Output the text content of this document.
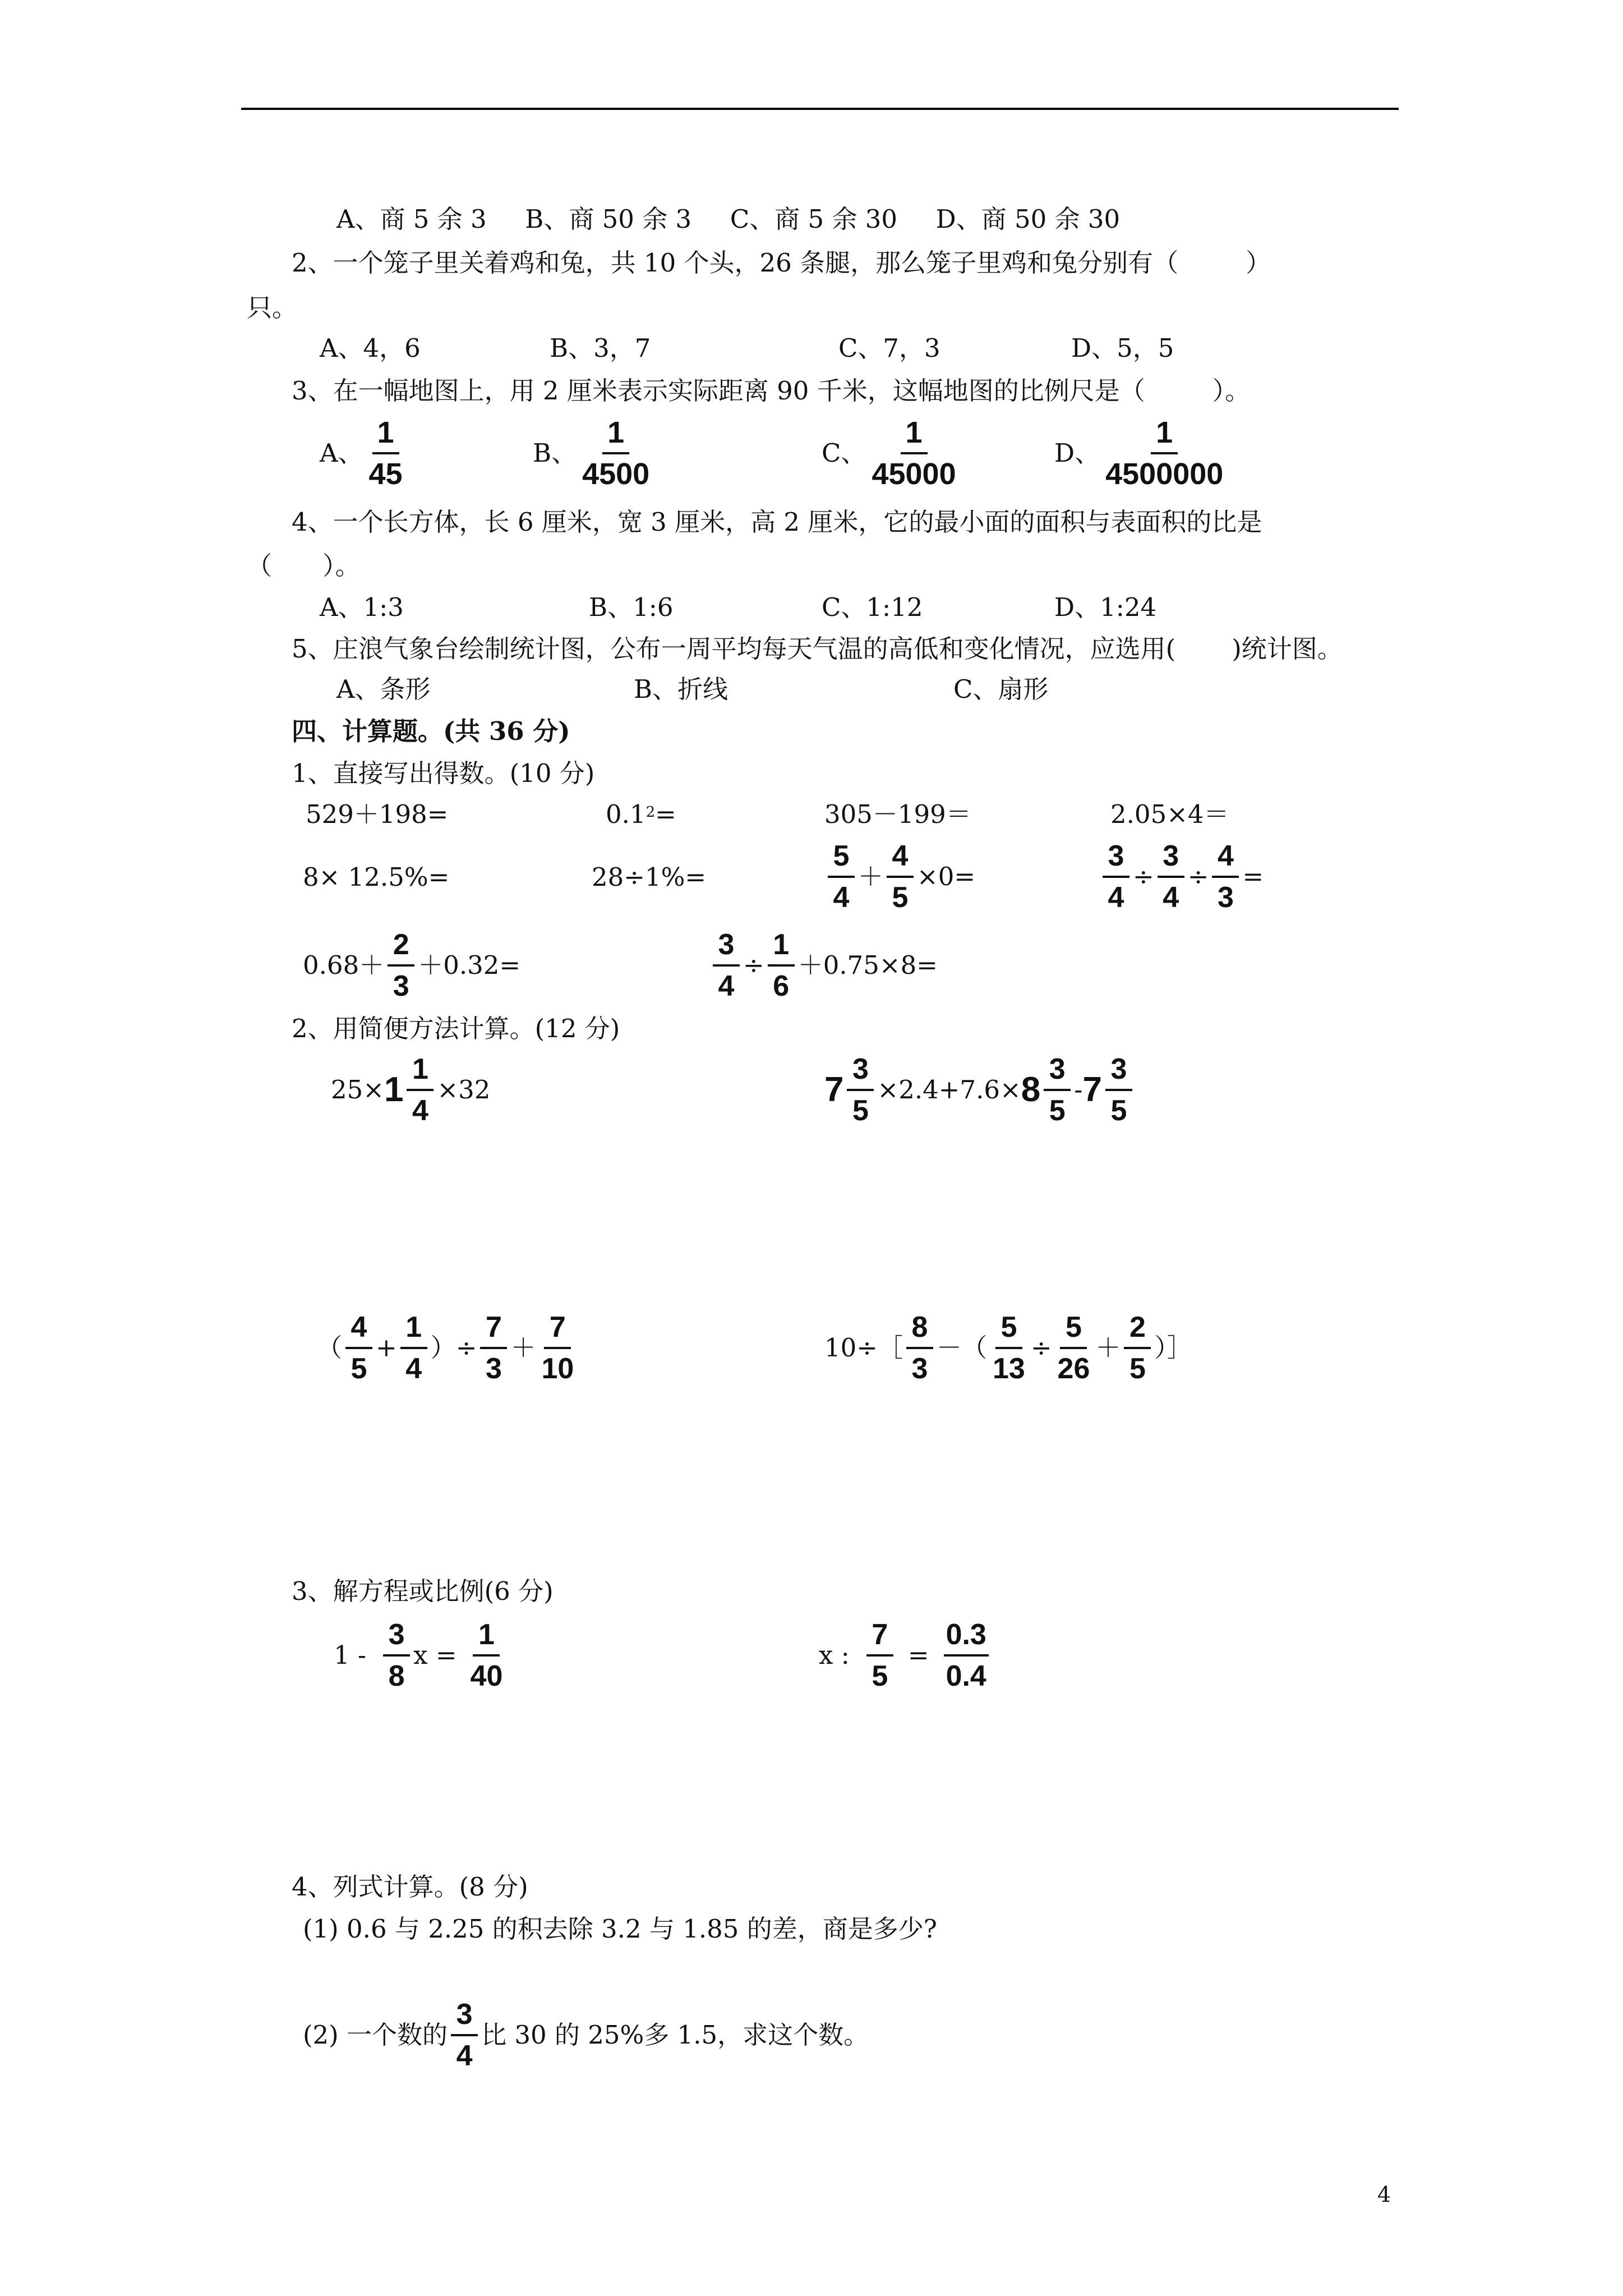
A、商 5 余 3 B、商 50 余 3 C、商 5 余 30 D、商 50 余 30
2、一个笼子里关着鸡和兔，共 10 个头，26 条腿，那么笼子里鸡和兔分别有（	）
只。
A、4，6	B、3，7	C、7，3	D、5，5
3、在一幅地图上，用 2 厘米表示实际距离 90 千米，这幅地图的比例尺是（	）。
A、 $\frac{1}{45}$	B、 $\frac{1}{4500}$	C、 $\frac{1}{45000}$	D、 $\frac{1}{4500000}$
4、一个长方体，长 6 厘米，宽 3 厘米，高 2 厘米，它的最小面的面积与表面积的比是
（　　）。
A、1:3	B、1:6	C、1:12	D、1:24
5、庄浪气象台绘制统计图，公布一周平均每天气温的高低和变化情况，应选用( )统计图。
A、条形	B、折线	C、扇形
四、计算题。(共 36 分)
1、直接写出得数。(10 分)
529＋198=	$0.1^2=$	305－199＝	2.05×4＝
8× 12.5%=	28÷1%=	$\frac{5}{4} + \frac{4}{5} \times 0=$	$\frac{3}{4} \div \frac{3}{4} \div \frac{4}{3}$ =
$0.68+ \frac{2}{3} +0.32=$	$\frac{3}{4} \div \frac{1}{6} +0.75\times 8=$
2、用简便方法计算。(12 分)
$25\times 1 \frac{1}{4} \times 32$	$7 \frac{3}{5} \times 2.4+7.6\times 8 \frac{3}{5} - 7 \frac{3}{5}$
（ $\frac{4}{5} + \frac{1}{4}$ ）÷ $\frac{7}{3} + \frac{7}{10}$	10÷［ $\frac{8}{3}$ －（ $\frac{5}{13} \div \frac{5}{26} + \frac{2}{5}$ ）］
3、解方程或比例(6 分)
$1 - \frac{3}{8}$ $x = \frac{1}{40}$	x : $\frac{7}{5} = \frac{0.3}{0.4}$
4、列式计算。(8 分)
(1) 0.6 与 2.25 的积去除 3.2 与 1.85 的差，商是多少?
(2) 一个数的 $\frac{3}{4}$ 比 30 的 25%多 1.5，求这个数。
4
